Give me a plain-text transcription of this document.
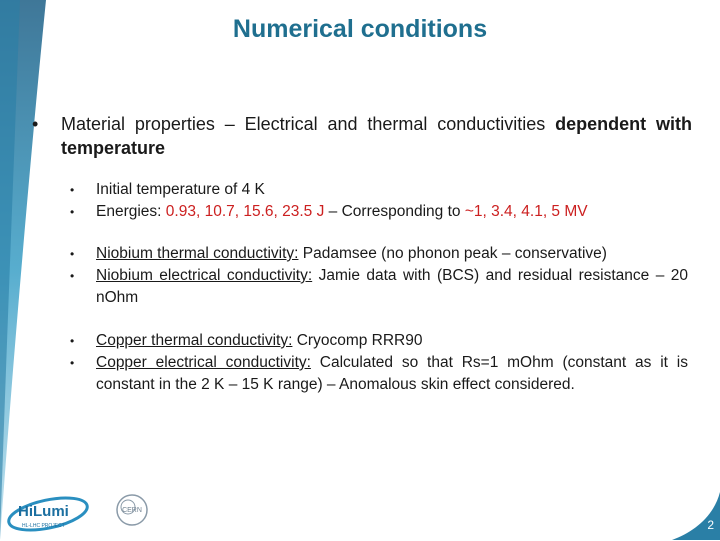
Numerical conditions
• Material properties – Electrical and thermal conductivities dependent with temperature
• Initial temperature of 4 K
• Energies: 0.93, 10.7, 15.6, 23.5 J – Corresponding to ~1, 3.4, 4.1, 5 MV
• Niobium thermal conductivity: Padamsee (no phonon peak – conservative)
• Niobium electrical conductivity: Jamie data with (BCS) and residual resistance – 20 nOhm
• Copper thermal conductivity: Cryocomp RRR90
• Copper electrical conductivity: Calculated so that Rs=1 mOhm (constant as it is constant in the 2 K – 15 K range) – Anomalous skin effect considered.
HiLumi
HL-LHC PROJECT
CERN
2
